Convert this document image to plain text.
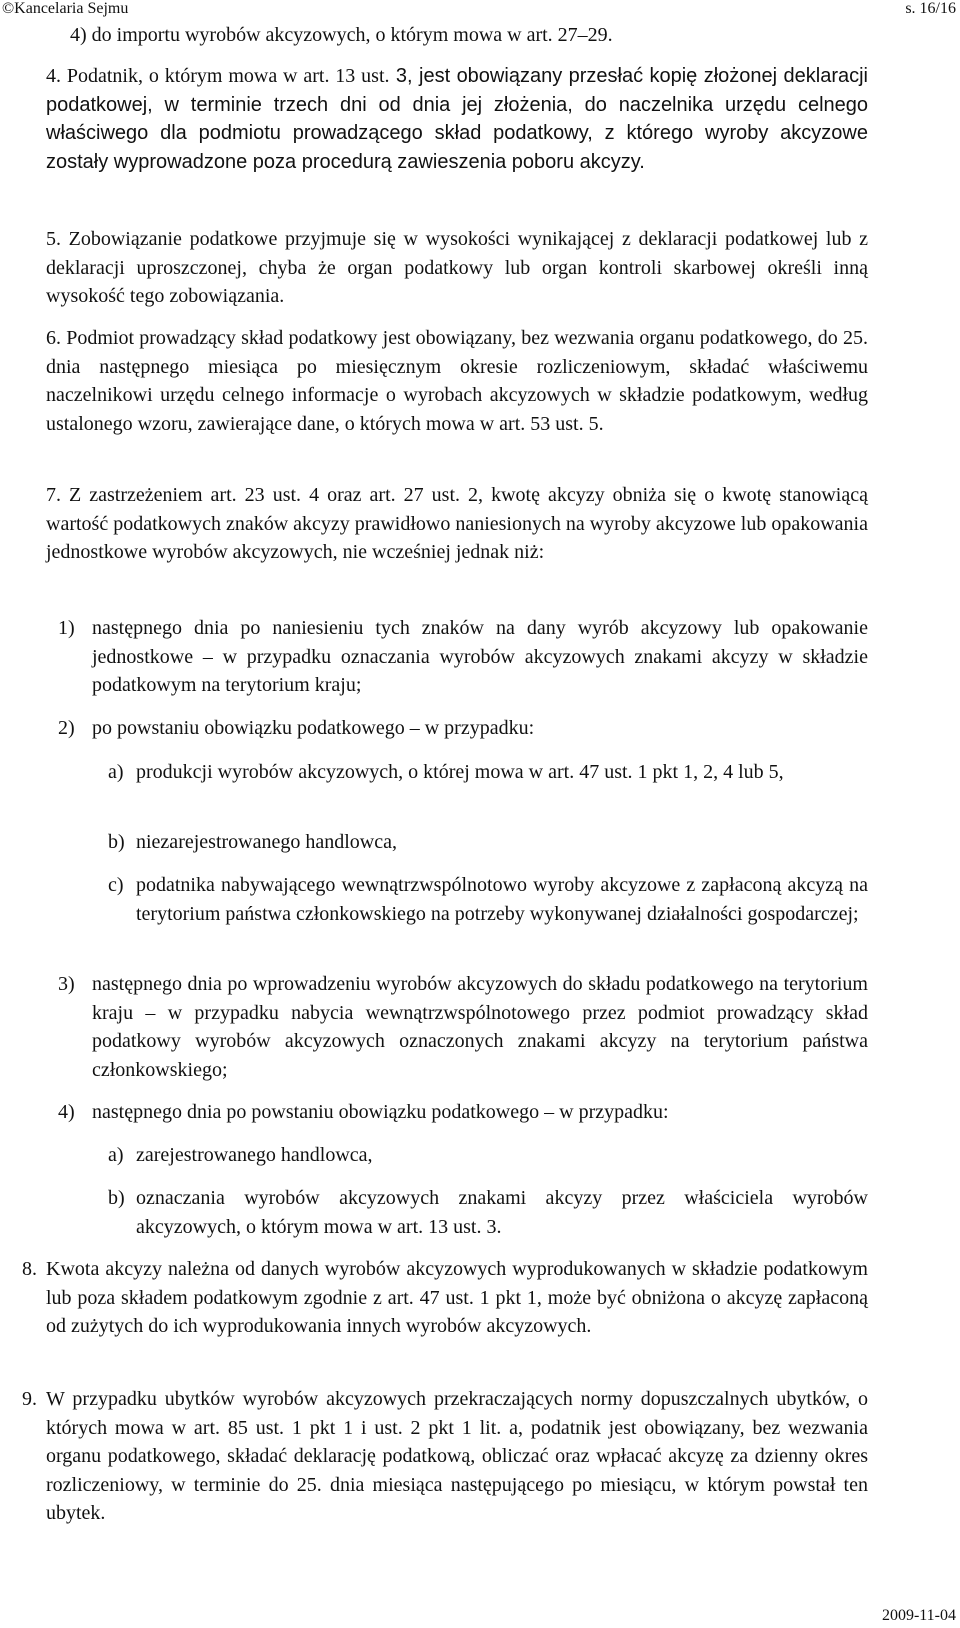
©Kancelaria Sejmu	s. 16/16
4) do importu wyrobów akcyzowych, o którym mowa w art. 27–29.
4. Podatnik, o którym mowa w art. 13 ust. 3, jest obowiązany przesłać kopię złożonej deklaracji podatkowej, w terminie trzech dni od dnia jej złożenia, do naczelnika urzędu celnego właściwego dla podmiotu prowadzącego skład podatkowy, z którego wyroby akcyzowe zostały wyprowadzone poza procedurą zawieszenia poboru akcyzy.
5. Zobowiązanie podatkowe przyjmuje się w wysokości wynikającej z deklaracji podatkowej lub z deklaracji uproszczonej, chyba że organ podatkowy lub organ kontroli skarbowej określi inną wysokość tego zobowiązania.
6. Podmiot prowadzący skład podatkowy jest obowiązany, bez wezwania organu podatkowego, do 25. dnia następnego miesiąca po miesięcznym okresie rozliczeniowym, składać właściwemu naczelnikowi urzędu celnego informacje o wyrobach akcyzowych w składzie podatkowym, według ustalonego wzoru, zawierające dane, o których mowa w art. 53 ust. 5.
7. Z zastrzeżeniem art. 23 ust. 4 oraz art. 27 ust. 2, kwotę akcyzy obniża się o kwotę stanowiącą wartość podatkowych znaków akcyzy prawidłowo naniesionych na wyroby akcyzowe lub opakowania jednostkowe wyrobów akcyzowych, nie wcześniej jednak niż:
1) następnego dnia po naniesieniu tych znaków na dany wyrób akcyzowy lub opakowanie jednostkowe – w przypadku oznaczania wyrobów akcyzowych znakami akcyzy w składzie podatkowym na terytorium kraju;
2) po powstaniu obowiązku podatkowego – w przypadku:
a) produkcji wyrobów akcyzowych, o której mowa w art. 47 ust. 1 pkt 1, 2, 4 lub 5,
b) niezarejestrowanego handlowca,
c) podatnika nabywającego wewnątrzwspólnotowo wyroby akcyzowe z zapłaconą akcyzą na terytorium państwa członkowskiego na potrzeby wykonywanej działalności gospodarczej;
3) następnego dnia po wprowadzeniu wyrobów akcyzowych do składu podatkowego na terytorium kraju – w przypadku nabycia wewnątrzwspólnotowego przez podmiot prowadzący skład podatkowy wyrobów akcyzowych oznaczonych znakami akcyzy na terytorium państwa członkowskiego;
4) następnego dnia po powstaniu obowiązku podatkowego – w przypadku:
a) zarejestrowanego handlowca,
b) oznaczania wyrobów akcyzowych znakami akcyzy przez właściciela wyrobów akcyzowych, o którym mowa w art. 13 ust. 3.
8. Kwota akcyzy należna od danych wyrobów akcyzowych wyprodukowanych w składzie podatkowym lub poza składem podatkowym zgodnie z art. 47 ust. 1 pkt 1, może być obniżona o akcyzę zapłaconą od zużytych do ich wyprodukowania innych wyrobów akcyzowych.
9. W przypadku ubytków wyrobów akcyzowych przekraczających normy dopuszczalnych ubytków, o których mowa w art. 85 ust. 1 pkt 1 i ust. 2 pkt 1 lit. a, podatnik jest obowiązany, bez wezwania organu podatkowego, składać deklarację podatkową, obliczać oraz wpłacać akcyzę za dzienny okres rozliczeniowy, w terminie do 25. dnia miesiąca następującego po miesiącu, w którym powstał ten ubytek.
2009-11-04
